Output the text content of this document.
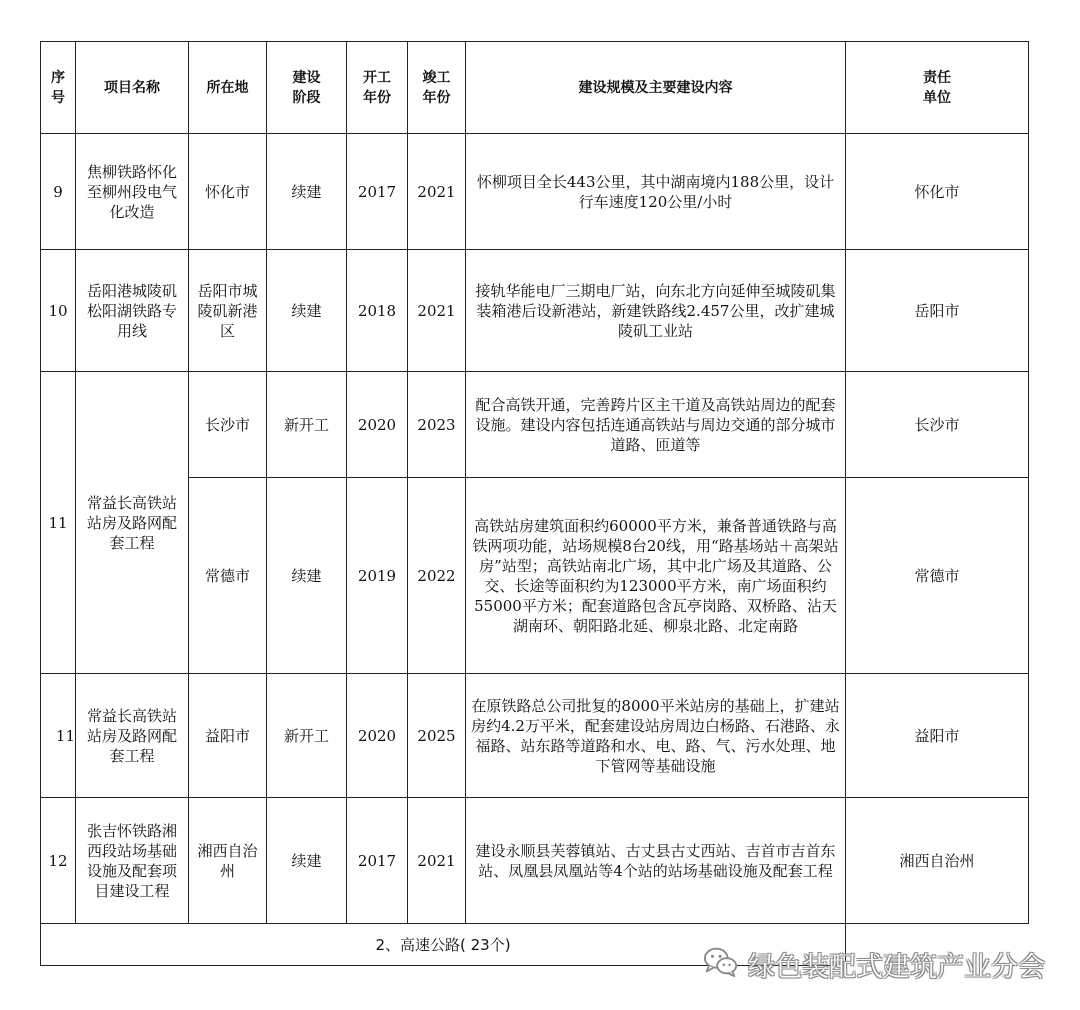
序号	项目名称	所在地	建设阶段	开工年份	竣工年份	建设规模及主要建设内容	责任单位
9	焦柳铁路怀化至柳州段电气化改造	怀化市	续建	2017	2021	怀柳项目全长443公里，其中湖南境内188公里，设计行车速度120公里/小时	怀化市
10	岳阳港城陵矶松阳湖铁路专用线	岳阳市城陵矶新港区	续建	2018	2021	接轨华能电厂三期电厂站，向东北方向延伸至城陵矶集装箱港后设新港站，新建铁路线2.457公里，改扩建城陵矶工业站	岳阳市
11	常益长高铁站站房及路网配套工程	长沙市	新开工	2020	2023	配合高铁开通，完善跨片区主干道及高铁站周边的配套设施。建设内容包括连通高铁站与周边交通的部分城市道路、匝道等	长沙市
		常德市	续建	2019	2022	高铁站房建筑面积约60000平方米，兼备普通铁路与高铁两项功能，站场规模8台20线，用“路基场站＋高架站房”站型；高铁站南北广场，其中北广场及其道路、公交、长途等面积约为123000平方米，南广场面积约55000平方米；配套道路包含瓦亭岗路、双桥路、沾天湖南环、朝阳路北延、柳泉北路、北定南路	常德市
11	常益长高铁站站房及路网配套工程	益阳市	新开工	2020	2025	在原铁路总公司批复的8000平米站房的基础上，扩建站房约4.2万平米，配套建设站房周边白杨路、石港路、永福路、站东路等道路和水、电、路、气、污水处理、地下管网等基础设施	益阳市
12	张吉怀铁路湘西段站场基础设施及配套项目建设工程	湘西自治州	续建	2017	2021	建设永顺县芙蓉镇站、古丈县古丈西站、吉首市吉首东站、凤凰县凤凰站等4个站的站场基础设施及配套工程	湘西自治州
2、高速公路( 23个)							
绿色装配式建筑产业分会
